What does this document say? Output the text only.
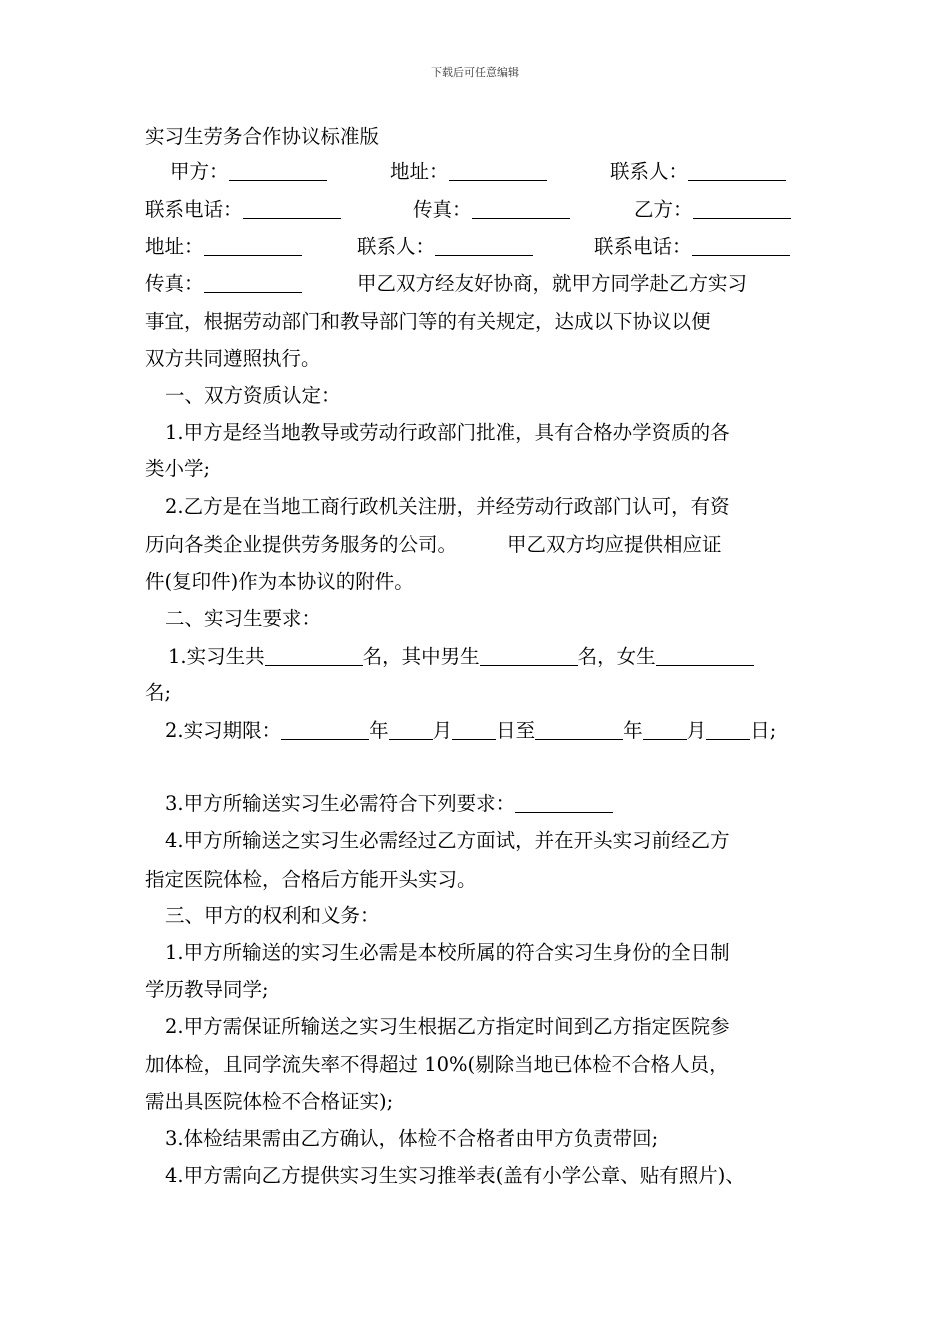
下载后可任意编辑
实习生劳务合作协议标准版
甲方：	地址：	联系人：
联系电话：	传真：	乙方：
地址：	联系人：	联系电话：
传真：	甲乙双方经友好协商，就甲方同学赴乙方实习
事宜，根据劳动部门和教导部门等的有关规定，达成以下协议以便
双方共同遵照执行。
一、双方资质认定：
1.甲方是经当地教导或劳动行政部门批准，具有合格办学资质的各
类小学;
2.乙方是在当地工商行政机关注册，并经劳动行政部门认可，有资
历向各类企业提供劳务服务的公司。	甲乙双方均应提供相应证
件(复印件)作为本协议的附件。
二、实习生要求：
1.实习生共	名，其中男生	名，女生
名;
2.实习期限：	年 月 日至	年 月 日;
3.甲方所输送实习生必需符合下列要求：
4.甲方所输送之实习生必需经过乙方面试，并在开头实习前经乙方
指定医院体检，合格后方能开头实习。
三、甲方的权利和义务：
1.甲方所输送的实习生必需是本校所属的符合实习生身份的全日制
学历教导同学;
2.甲方需保证所输送之实习生根据乙方指定时间到乙方指定医院参
加体检，且同学流失率不得超过 10%(剔除当地已体检不合格人员，
需出具医院体检不合格证实);
3.体检结果需由乙方确认，体检不合格者由甲方负责带回;
4.甲方需向乙方提供实习生实习推举表(盖有小学公章、贴有照片)、
